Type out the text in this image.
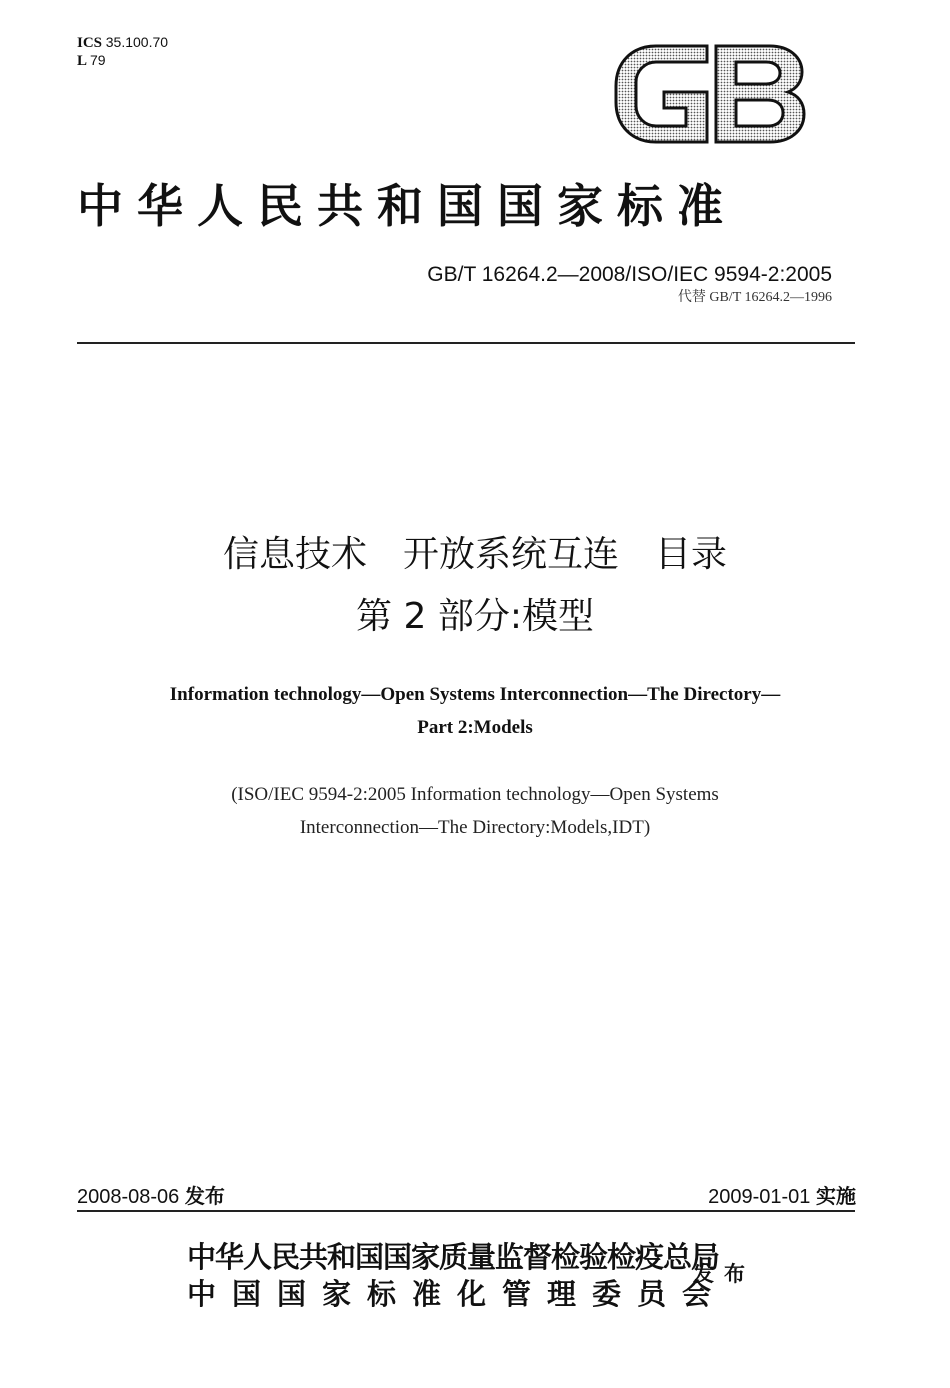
ICS 35.100.70
L 79
GB
中华人民共和国国家标准
GB/T 16264.2—2008/ISO/IEC 9594-2:2005
代替 GB/T 16264.2—1996
信息技术　开放系统互连　目录
第 2 部分:模型
Information technology—Open Systems Interconnection—The Directory—
Part 2:Models
(ISO/IEC 9594-2:2005 Information technology—Open Systems
Interconnection—The Directory:Models,IDT)
2008-08-06 发布	2009-01-01 实施
中华人民共和国国家质量监督检验检疫总局
中国国家标准化管理委员会
发布
